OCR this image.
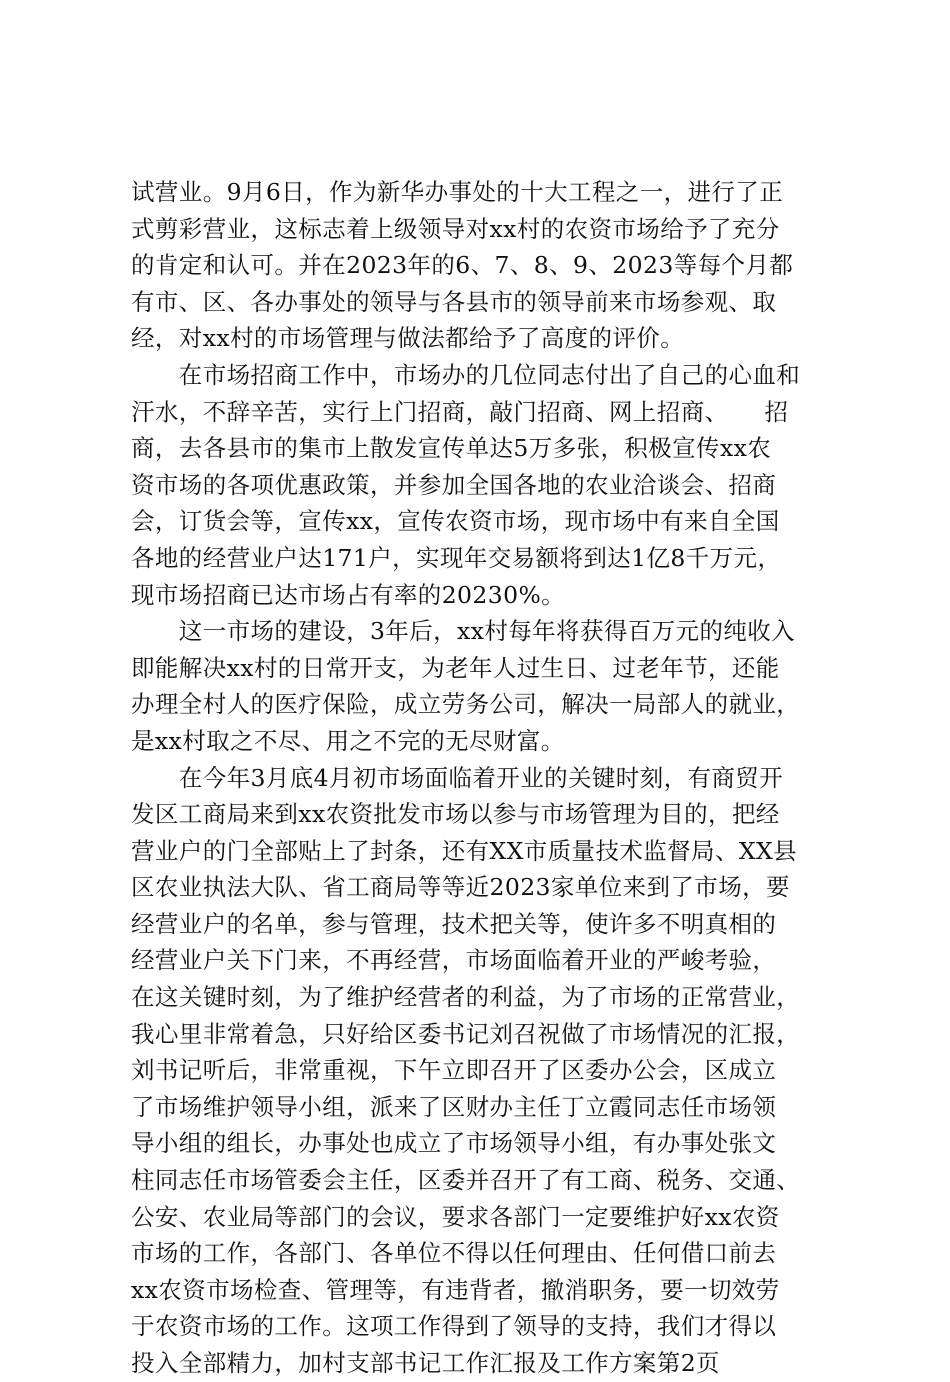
试营业。9月6日，作为新华办事处的十大工程之一，进行了正
式剪彩营业，这标志着上级领导对xx村的农资市场给予了充分
的肯定和认可。并在2023年的6、7、8、9、2023等每个月都
有市、区、各办事处的领导与各县市的领导前来市场参观、取
经，对xx村的市场管理与做法都给予了高度的评价。
　　在市场招商工作中，市场办的几位同志付出了自己的心血和
汗水，不辞辛苦，实行上门招商，敲门招商、网上招商、　　招
商，去各县市的集市上散发宣传单达5万多张，积极宣传xx农
资市场的各项优惠政策，并参加全国各地的农业洽谈会、招商
会，订货会等，宣传xx，宣传农资市场，现市场中有来自全国
各地的经营业户达171户，实现年交易额将到达1亿8千万元，
现市场招商已达市场占有率的20230%。
　　这一市场的建设，3年后，xx村每年将获得百万元的纯收入
即能解决xx村的日常开支，为老年人过生日、过老年节，还能
办理全村人的医疗保险，成立劳务公司，解决一局部人的就业，
是xx村取之不尽、用之不完的无尽财富。
　　在今年3月底4月初市场面临着开业的关键时刻，有商贸开
发区工商局来到xx农资批发市场以参与市场管理为目的，把经
营业户的门全部贴上了封条，还有XX市质量技术监督局、XX县
区农业执法大队、省工商局等等近2023家单位来到了市场，要
经营业户的名单，参与管理，技术把关等，使许多不明真相的
经营业户关下门来，不再经营，市场面临着开业的严峻考验，
在这关键时刻，为了维护经营者的利益，为了市场的正常营业，
我心里非常着急，只好给区委书记刘召祝做了市场情况的汇报，
刘书记听后，非常重视，下午立即召开了区委办公会，区成立
了市场维护领导小组，派来了区财办主任丁立霞同志任市场领
导小组的组长，办事处也成立了市场领导小组，有办事处张文
柱同志任市场管委会主任，区委并召开了有工商、税务、交通、
公安、农业局等部门的会议，要求各部门一定要维护好xx农资
市场的工作，各部门、各单位不得以任何理由、任何借口前去
xx农资市场检查、管理等，有违背者，撤消职务，要一切效劳
于农资市场的工作。这项工作得到了领导的支持，我们才得以
投入全部精力，加村支部书记工作汇报及工作方案第2页
